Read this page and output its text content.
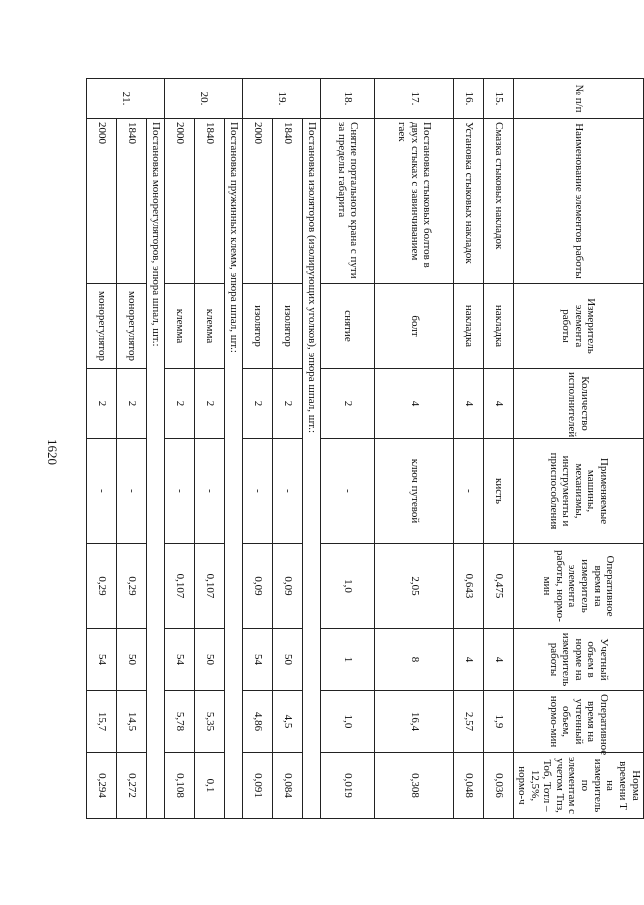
1620
№ п/п	Наименование элементов работы	Измеритель элемента работы	Количество исполнителей	Применяемые машины, механизмы, инструменты и приспособления	Оперативное время на измеритель элемента работы, нормо-мин	Учетный объем в норме на измеритель работы	Оперативное время на учтенный объем, нормо-мин	Норма времени Т на измеритель по элементам с учетом Тпз, Тоб, Тотл – 12,5%, нормо-ч
15.	Смазка стыковых накладок	накладка	4	кисть	0,475	4	1,9	0,036
16.	Установка стыковых накладок	накладка	4	-	0,643	4	2,57	0,048
17.	Постановка стыковых болтов в двух стыках с завинчиванием гаек	болт	4	ключ путевой	2,05	8	16,4	0,308
18.	Снятие портального крана с пути за пределы габарита	снятие	2	-	1,0	1	1,0	0,019
19.	Постановка изоляторов (изолирующих уголков), эпюра шпал, шт.:							
	1840	изолятор	2	-	0,09	50	4,5	0,084
	2000	изолятор	2	-	0,09	54	4,86	0,091
20.	Постановка пружинных клемм, эпюра шпал, шт.:							
	1840	клемма	2	-	0,107	50	5,35	0,1
	2000	клемма	2	-	0,107	54	5,78	0,108
21.	Постановка монорегуляторов, эпюра шпал, шт.:							
	1840	монорегулятор	2	-	0,29	50	14,5	0,272
	2000	монорегулятор	2	-	0,29	54	15,7	0,294
